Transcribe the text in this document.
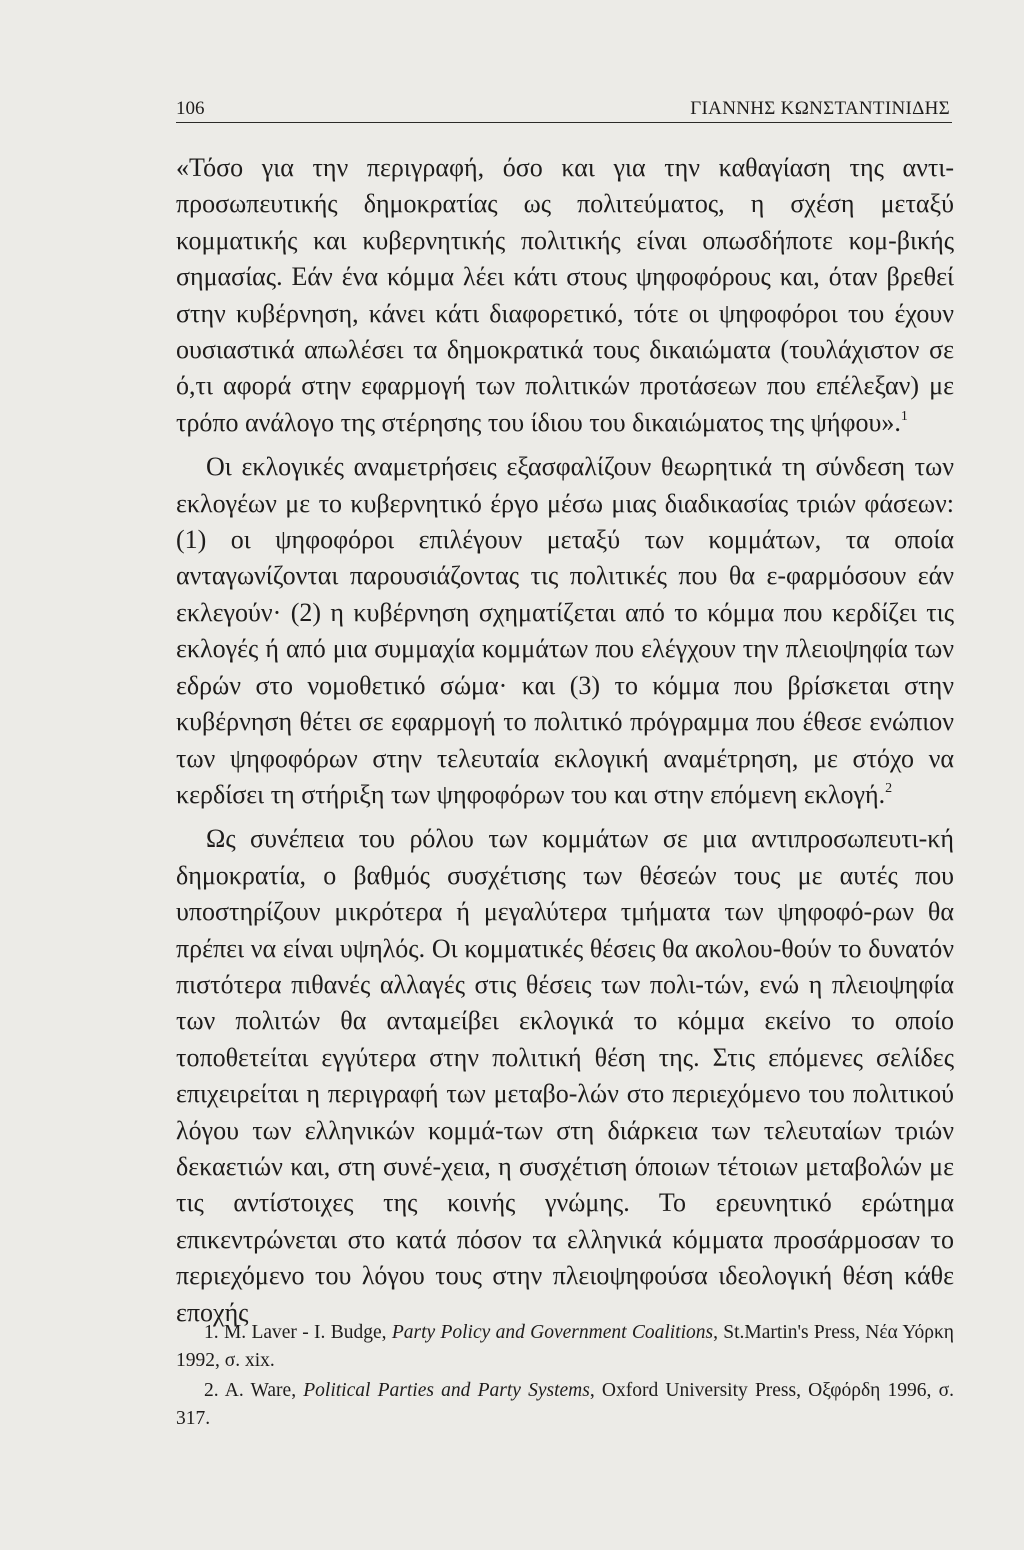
106	ΓΙΑΝΝΗΣ ΚΩΝΣΤΑΝΤΙΝΙΔΗΣ

«Τόσο για την περιγραφή, όσο και για την καθαγίαση της αντι-προσωπευτικής δημοκρατίας ως πολιτεύματος, η σχέση μεταξύ κομματικής και κυβερνητικής πολιτικής είναι οπωσδήποτε κομ-βικής σημασίας. Εάν ένα κόμμα λέει κάτι στους ψηφοφόρους και, όταν βρεθεί στην κυβέρνηση, κάνει κάτι διαφορετικό, τότε οι ψηφοφόροι του έχουν ουσιαστικά απωλέσει τα δημοκρατικά τους δικαιώματα (τουλάχιστον σε ό,τι αφορά στην εφαρμογή των πολιτικών προτάσεων που επέλεξαν) με τρόπο ανάλογο της στέρησης του ίδιου του δικαιώματος της ψήφου».$^1$

Οι εκλογικές αναμετρήσεις εξασφαλίζουν θεωρητικά τη σύνδεση των εκλογέων με το κυβερνητικό έργο μέσω μιας διαδικασίας τριών φάσεων: (1) οι ψηφοφόροι επιλέγουν μεταξύ των κομμάτων, τα οποία ανταγωνίζονται παρουσιάζοντας τις πολιτικές που θα ε-φαρμόσουν εάν εκλεγούν· (2) η κυβέρνηση σχηματίζεται από το κόμμα που κερδίζει τις εκλογές ή από μια συμμαχία κομμάτων που ελέγχουν την πλειοψηφία των εδρών στο νομοθετικό σώμα· και (3) το κόμμα που βρίσκεται στην κυβέρνηση θέτει σε εφαρμογή το πολιτικό πρόγραμμα που έθεσε ενώπιον των ψηφοφόρων στην τελευταία εκλογική αναμέτρηση, με στόχο να κερδίσει τη στήριξη των ψηφοφόρων του και στην επόμενη εκλογή.$^2$

Ως συνέπεια του ρόλου των κομμάτων σε μια αντιπροσωπευτι-κή δημοκρατία, ο βαθμός συσχέτισης των θέσεών τους με αυτές που υποστηρίζουν μικρότερα ή μεγαλύτερα τμήματα των ψηφοφό-ρων θα πρέπει να είναι υψηλός. Οι κομματικές θέσεις θα ακολου-θούν το δυνατόν πιστότερα πιθανές αλλαγές στις θέσεις των πολι-τών, ενώ η πλειοψηφία των πολιτών θα ανταμείβει εκλογικά το κόμμα εκείνο το οποίο τοποθετείται εγγύτερα στην πολιτική θέση της. Στις επόμενες σελίδες επιχειρείται η περιγραφή των μεταβο-λών στο περιεχόμενο του πολιτικού λόγου των ελληνικών κομμά-των στη διάρκεια των τελευταίων τριών δεκαετιών και, στη συνέ-χεια, η συσχέτιση όποιων τέτοιων μεταβολών με τις αντίστοιχες της κοινής γνώμης. Το ερευνητικό ερώτημα επικεντρώνεται στο κατά πόσον τα ελληνικά κόμματα προσάρμοσαν το περιεχόμενο του λόγου τους στην πλειοψηφούσα ιδεολογική θέση κάθε εποχής

1. M. Laver - I. Budge, Party Policy and Government Coalitions, St.Martin's Press, Νέα Υόρκη 1992, σ. xix.

2. A. Ware, Political Parties and Party Systems, Oxford University Press, Οξφόρδη 1996, σ. 317.
